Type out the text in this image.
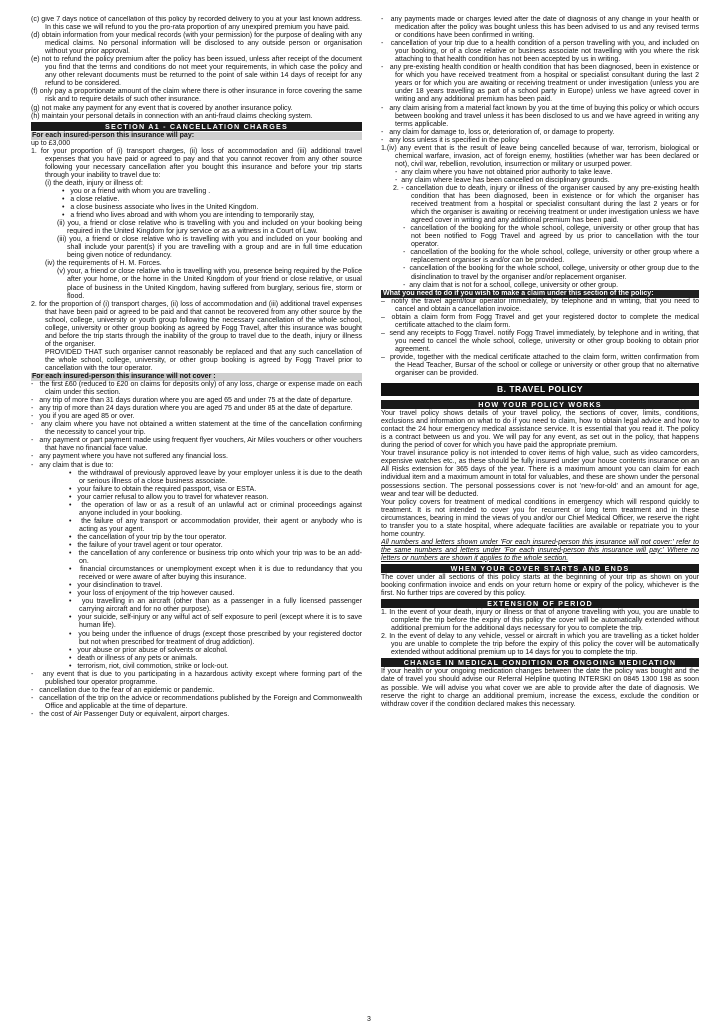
(c) give 7 days notice of cancellation of this policy by recorded delivery to you at your last known address. In this case we will refund to you the pro-rata proportion of any unexpired premium you have paid.
(d) obtain information from your medical records (with your permission) for the purpose of dealing with any medical claims. No personal information will be disclosed to any outside person or organisation without your prior approval.
(e) not to refund the policy premium after the policy has been issued, unless after receipt of the document you find that the terms and conditions do not meet your requirements, in which case the policy and any other relevant documents must be returned to the point of sale within 14 days of receipt for any refund to be considered.
(f) only pay a proportionate amount of the claim where there is other insurance in force covering the same risk and to require details of such other insurance.
(g) not make any payment for any event that is covered by another insurance policy.
(h) maintain your personal details in connection with an anti-fraud claims checking system.
SECTION A1 - CANCELLATION CHARGES
For each insured-person this insurance will pay:
up to £3,000
1. for your proportion of (i) transport charges, (ii) loss of accommodation and (iii) additional travel expenses that you have paid or agreed to pay and that you cannot recover from any other source following your necessary cancellation after you bought this insurance and before your trip starts through your inability to travel due to:
(i) the death, injury or illness of:
•   you or a friend with whom you are travelling .
•   a close relative.
•   a close business associate who lives in the United Kingdom.
•   a friend who lives abroad and with whom you are intending to temporarily stay,
(ii) you, a friend or close relative who is travelling with you and included on your booking being required in the United Kingdom for jury service or as a witness in a Court of Law.
(iii) you, a friend or close relative who is travelling with you and included on your booking and shall include your parent(s) if you are travelling with a group and are in full time education being given notice of redundancy.
(iv) the requirements of H. M. Forces.
(v) your, a friend or close relative who is travelling with you, presence being required by the Police after your home, or the home in the United Kingdom of your friend or close relative, or usual place of business in the United Kingdom, having suffered from burglary, serious fire, storm or flood.
2. for the proportion of (i) transport charges, (ii) loss of accommodation and (iii) additional travel expenses that have been paid or agreed to be paid and that cannot be recovered from any other source by the school, college, university or youth group following the necessary cancellation of the whole school, college, university or other group booking as agreed by Fogg Travel, after this insurance was bought and before the trip starts through the inability of the group to travel due to the death, injury or illness of the organiser.
PROVIDED THAT such organiser cannot reasonably be replaced and that any such cancellation of the whole school, college, university, or other group booking is agreed by Fogg Travel prior to cancellation with the tour operator.
For each insured-person this insurance will not cover :
-   the first £60 (reduced to £20 on claims for deposits only) of any loss, charge or expense made on each claim under this section.
-   any trip of more than 31 days duration where you are aged 65 and under 75 at the date of departure.
-   any trip of more than 24 days duration where you are aged 75 and under 85 at the date of departure.
-   you if you are aged 85 or over.
-   any claim where you have not obtained a written statement at the time of the cancellation confirming the necessity to cancel your trip.
-   any payment or part payment made using frequent flyer vouchers, Air Miles vouchers or other vouchers that have no financial face value.
-   any payment where you have not suffered any financial loss.
-   any claim that is due to:
•   the withdrawal of previously approved leave by your employer unless it is due to the death or serious illness of a close business associate.
•   your failure to obtain the required passport, visa or ESTA.
•   your carrier refusal to allow you to travel for whatever reason.
•   the operation of law or as a result of an unlawful act or criminal proceedings against anyone included in your booking.
•   the failure of any transport or accommodation provider, their agent or anybody who is acting as your agent.
•   the cancellation of your trip by the tour operator.
•   the failure of your travel agent or tour operator.
•   the cancellation of any conference or business trip onto which your trip was to be an add-on.
•   financial circumstances or unemployment except when it is due to redundancy that you received or were aware of after buying this insurance.
•   your disinclination to travel.
•   your loss of enjoyment of the trip however caused.
•   you travelling in an aircraft (other than as a passenger in a fully licensed passenger carrying aircraft and for no other purpose).
•   your suicide, self-injury or any wilful act of self exposure to peril (except where it is to save human life).
•   you being under the influence of drugs (except those prescribed by your registered doctor but not when prescribed for treatment of drug addiction).
•   your abuse or prior abuse of solvents or alcohol.
•   death or illness of any pets or animals.
•   terrorism, riot, civil commotion, strike or lock-out.
-   any event that is due to you participating in a hazardous activity except where forming part of the published tour operator programme.
-   cancellation due to the fear of an epidemic or pandemic.
-   cancellation of the trip on the advice or recommendations published by the Foreign and Commonwealth Office and applicable at the time of departure.
-   the cost of Air Passenger Duty or equivalent, airport charges.
-   any payments made or charges levied after the date of diagnosis of any change in your health or medication after the policy was bought unless this has been advised to us and any revised terms or conditions have been confirmed in writing.
-   cancellation of your trip due to a health condition of a person travelling with you, and included on your booking, or of a close relative or business associate not travelling with you where the risk attaching to that health condition has not been accepted by us in writing.
-   any pre-existing health condition or health condition that has been diagnosed, been in existence or for which you have received treatment from a hospital or specialist consultant during the last 2 years or for which you are awaiting or receiving treatment or under investigation (unless you are under 18 years travelling as part of a school party in Europe) unless we have agreed cover in writing and any additional premium has been paid.
-   any claim arising from a material fact known by you at the time of buying this policy or which occurs between booking and travel unless it has been disclosed to us and we have agreed in writing any terms applicable.
-   any claim for damage to, loss or, deterioration of, or damage to property.
-   any loss unless it is specified in the policy
1.(iv) any event that is the result of leave being cancelled because of war, terrorism, biological or chemical warfare, invasion, act of foreign enemy, hostilities (whether war has been declared or not), civil war, rebellion, revolution, insurrection or military or usurped power.
-  any claim where you have not obtained prior authority to take leave.
-  any claim where leave has been cancelled on disciplinary grounds.
2. - cancellation due to death, injury or illness of the organiser caused by any pre-existing health condition that has been diagnosed, been in existence or for which the organiser has received treatment from a hospital or specialist consultant during the last 2 years or for which the organiser is awaiting or receiving treatment or under investigation unless we have agreed cover in writing and any additional premium has been paid.
-  cancellation of the booking for the whole school, college, university or other group that has not been notified to Fogg Travel and agreed by us prior to cancellation with the tour operator.
-  cancellation of the booking for the whole school, college, university or other group where a replacement organiser is and/or can be provided.
-  cancellation of the booking for the whole school, college, university or other group due to the disinclination to travel by the organiser and/or replacement organiser.
-  any claim that is not for a school, college, university or other group.
What you need to do if you wish to make a claim under this section of the policy:
–  notify the travel agent/tour operator immediately, by telephone and in writing, that you need to cancel and obtain a cancellation invoice.
–  obtain a claim form from Fogg Travel and get your registered doctor to complete the medical certificate attached to the claim form.
–  send any receipts to Fogg Travel. notify Fogg Travel immediately, by telephone and in writing, that you need to cancel the whole school, college, university or other group booking to obtain prior agreement.
–  provide, together with the medical certificate attached to the claim form, written confirmation from the Head Teacher, Bursar of the school or college or university or other group that no alternative organiser can be provided.
B. TRAVEL POLICY
HOW YOUR POLICY WORKS
Your travel policy shows details of your travel policy, the sections of cover, limits, conditions, exclusions and information on what to do if you need to claim, how to obtain legal advice and how to contact the 24 hour emergency medical assistance service. It is essential that you read it. The policy is a contract between us and you. We will pay for any event, as set out in the policy, that happens during the period of cover for which you have paid the appropriate premium.
Your travel insurance policy is not intended to cover items of high value, such as video camcorders, expensive watches etc., as these should be fully insured under your house contents insurance on an All Risks extension for 365 days of the year. There is a maximum amount you can claim for each individual item and a maximum amount in total for valuables, and these are shown under the personal possessions section. The personal possessions cover is not 'new-for-old' and an amount for age, wear and tear will be deducted.
Your policy covers for treatment of medical conditions in emergency which will respond quickly to treatment. It is not intended to cover you for recurrent or long term treatment and in these circumstances, bearing in mind the views of you and/or our Chief Medical Officer, we reserve the right to transfer you to a state hospital, where adequate facilities are available or repatriate you to your home country.
All numbers and letters shown under 'For each insured-person this insurance will not cover:' refer to the same numbers and letters under 'For each insured-person this insurance will pay:' Where no letters or numbers are shown it applies to the whole section.
WHEN YOUR COVER STARTS AND ENDS
The cover under all sections of this policy starts at the beginning of your trip as shown on your booking confirmation invoice and ends on your return home or expiry of the policy, whichever is the first. No further trips are covered by this policy.
EXTENSION OF PERIOD
1. In the event of your death, injury or illness or that of anyone travelling with you, you are unable to complete the trip before the expiry of this policy the cover will be automatically extended without additional premium for the additional days necessary for you to complete the trip.
2. In the event of delay to any vehicle, vessel or aircraft in which you are travelling as a ticket holder you are unable to complete the trip before the expiry of this policy the cover will be automatically extended without additional premium up to 14 days for you to complete the trip.
CHANGE IN MEDICAL CONDITION OR ONGOING MEDICATION
If your health or your ongoing medication changes between the date the policy was bought and the date of travel you should advise our Referral Helpline quoting INTERSKI on 0845 1300 198 as soon as possible. We will advise you what cover we are able to provide after the date of diagnosis. We reserve the right to charge an additional premium, increase the excess, exclude the condition or withdraw cover if the condition declared makes this necessary.
3
